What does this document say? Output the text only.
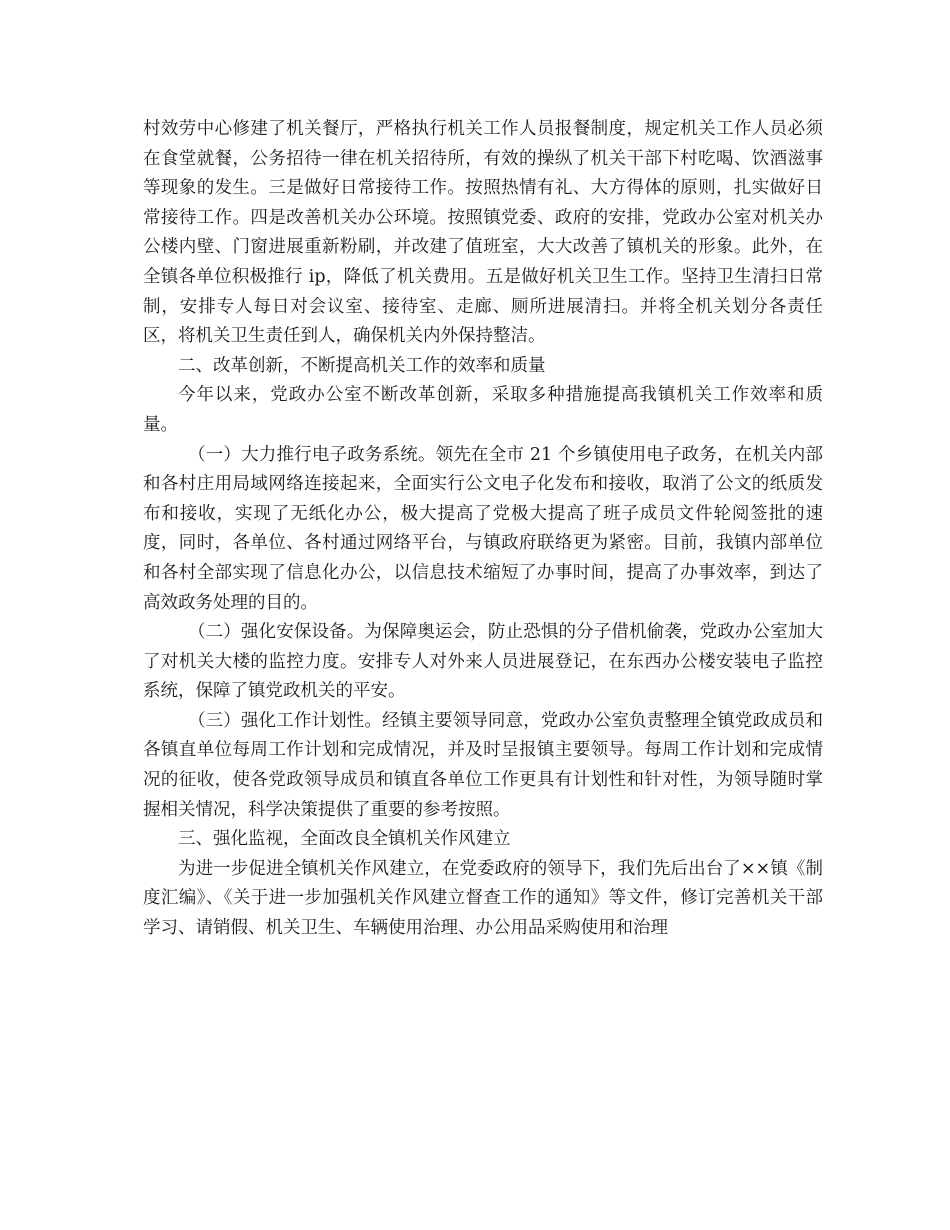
村效劳中心修建了机关餐厅，严格执行机关工作人员报餐制度，规定机关工作人员必须在食堂就餐，公务招待一律在机关招待所，有效的操纵了机关干部下村吃喝、饮酒滋事等现象的发生。三是做好日常接待工作。按照热情有礼、大方得体的原则，扎实做好日常接待工作。四是改善机关办公环境。按照镇党委、政府的安排，党政办公室对机关办公楼内壁、门窗进展重新粉刷，并改建了值班室，大大改善了镇机关的形象。此外，在全镇各单位积极推行 ip，降低了机关费用。五是做好机关卫生工作。坚持卫生清扫日常制，安排专人每日对会议室、接待室、走廊、厕所进展清扫。并将全机关划分各责任区，将机关卫生责任到人，确保机关内外保持整洁。

二、改革创新，不断提高机关工作的效率和质量

今年以来，党政办公室不断改革创新，采取多种措施提高我镇机关工作效率和质量。

（一）大力推行电子政务系统。领先在全市 21 个乡镇使用电子政务，在机关内部和各村庄用局域网络连接起来，全面实行公文电子化发布和接收，取消了公文的纸质发布和接收，实现了无纸化办公，极大提高了党极大提高了班子成员文件轮阅签批的速度，同时，各单位、各村通过网络平台，与镇政府联络更为紧密。目前，我镇内部单位和各村全部实现了信息化办公，以信息技术缩短了办事时间，提高了办事效率，到达了高效政务处理的目的。

（二）强化安保设备。为保障奥运会，防止恐惧的分子借机偷袭，党政办公室加大了对机关大楼的监控力度。安排专人对外来人员进展登记，在东西办公楼安装电子监控系统，保障了镇党政机关的平安。

（三）强化工作计划性。经镇主要领导同意，党政办公室负责整理全镇党政成员和各镇直单位每周工作计划和完成情况，并及时呈报镇主要领导。每周工作计划和完成情况的征收，使各党政领导成员和镇直各单位工作更具有计划性和针对性，为领导随时掌握相关情况，科学决策提供了重要的参考按照。

三、强化监视，全面改良全镇机关作风建立

为进一步促进全镇机关作风建立，在党委政府的领导下，我们先后出台了××镇《制度汇编》、《关于进一步加强机关作风建立督查工作的通知》等文件，修订完善机关干部学习、请销假、机关卫生、车辆使用治理、办公用品采购使用和治理
